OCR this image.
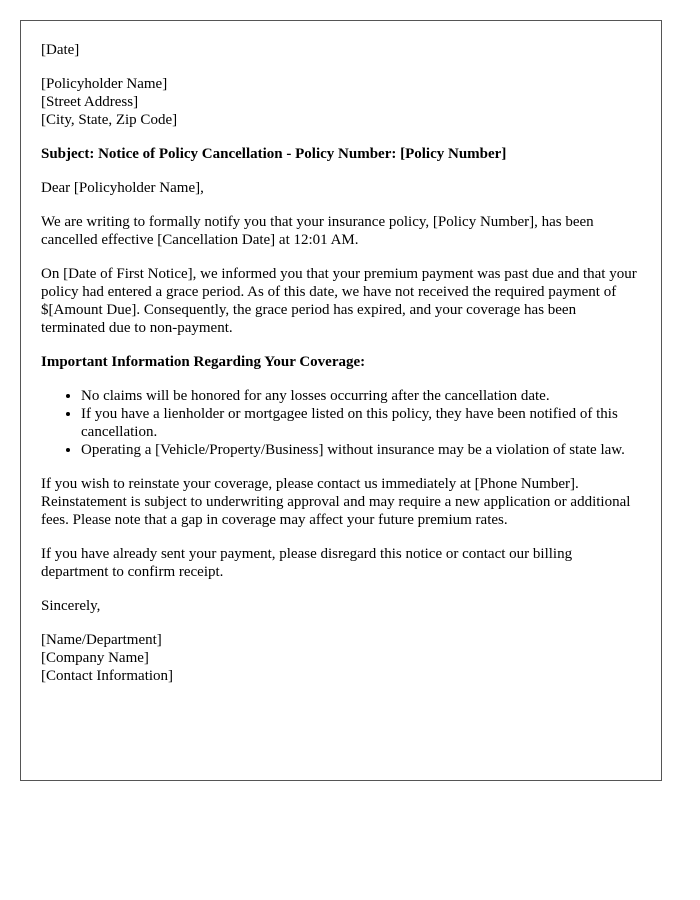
[Date]
[Policyholder Name]
[Street Address]
[City, State, Zip Code]
Subject: Notice of Policy Cancellation - Policy Number: [Policy Number]
Dear [Policyholder Name],

We are writing to formally notify you that your insurance policy, [Policy Number], has been cancelled effective [Cancellation Date] at 12:01 AM.

On [Date of First Notice], we informed you that your premium payment was past due and that your policy had entered a grace period. As of this date, we have not received the required payment of $[Amount Due]. Consequently, the grace period has expired, and your coverage has been terminated due to non-payment.

Important Information Regarding Your Coverage:
• No claims will be honored for any losses occurring after the cancellation date.
• If you have a lienholder or mortgagee listed on this policy, they have been notified of this cancellation.
• Operating a [Vehicle/Property/Business] without insurance may be a violation of state law.

If you wish to reinstate your coverage, please contact us immediately at [Phone Number]. Reinstatement is subject to underwriting approval and may require a new application or additional fees. Please note that a gap in coverage may affect your future premium rates.

If you have already sent your payment, please disregard this notice or contact our billing department to confirm receipt.

Sincerely,
[Name/Department]
[Company Name]
[Contact Information]
